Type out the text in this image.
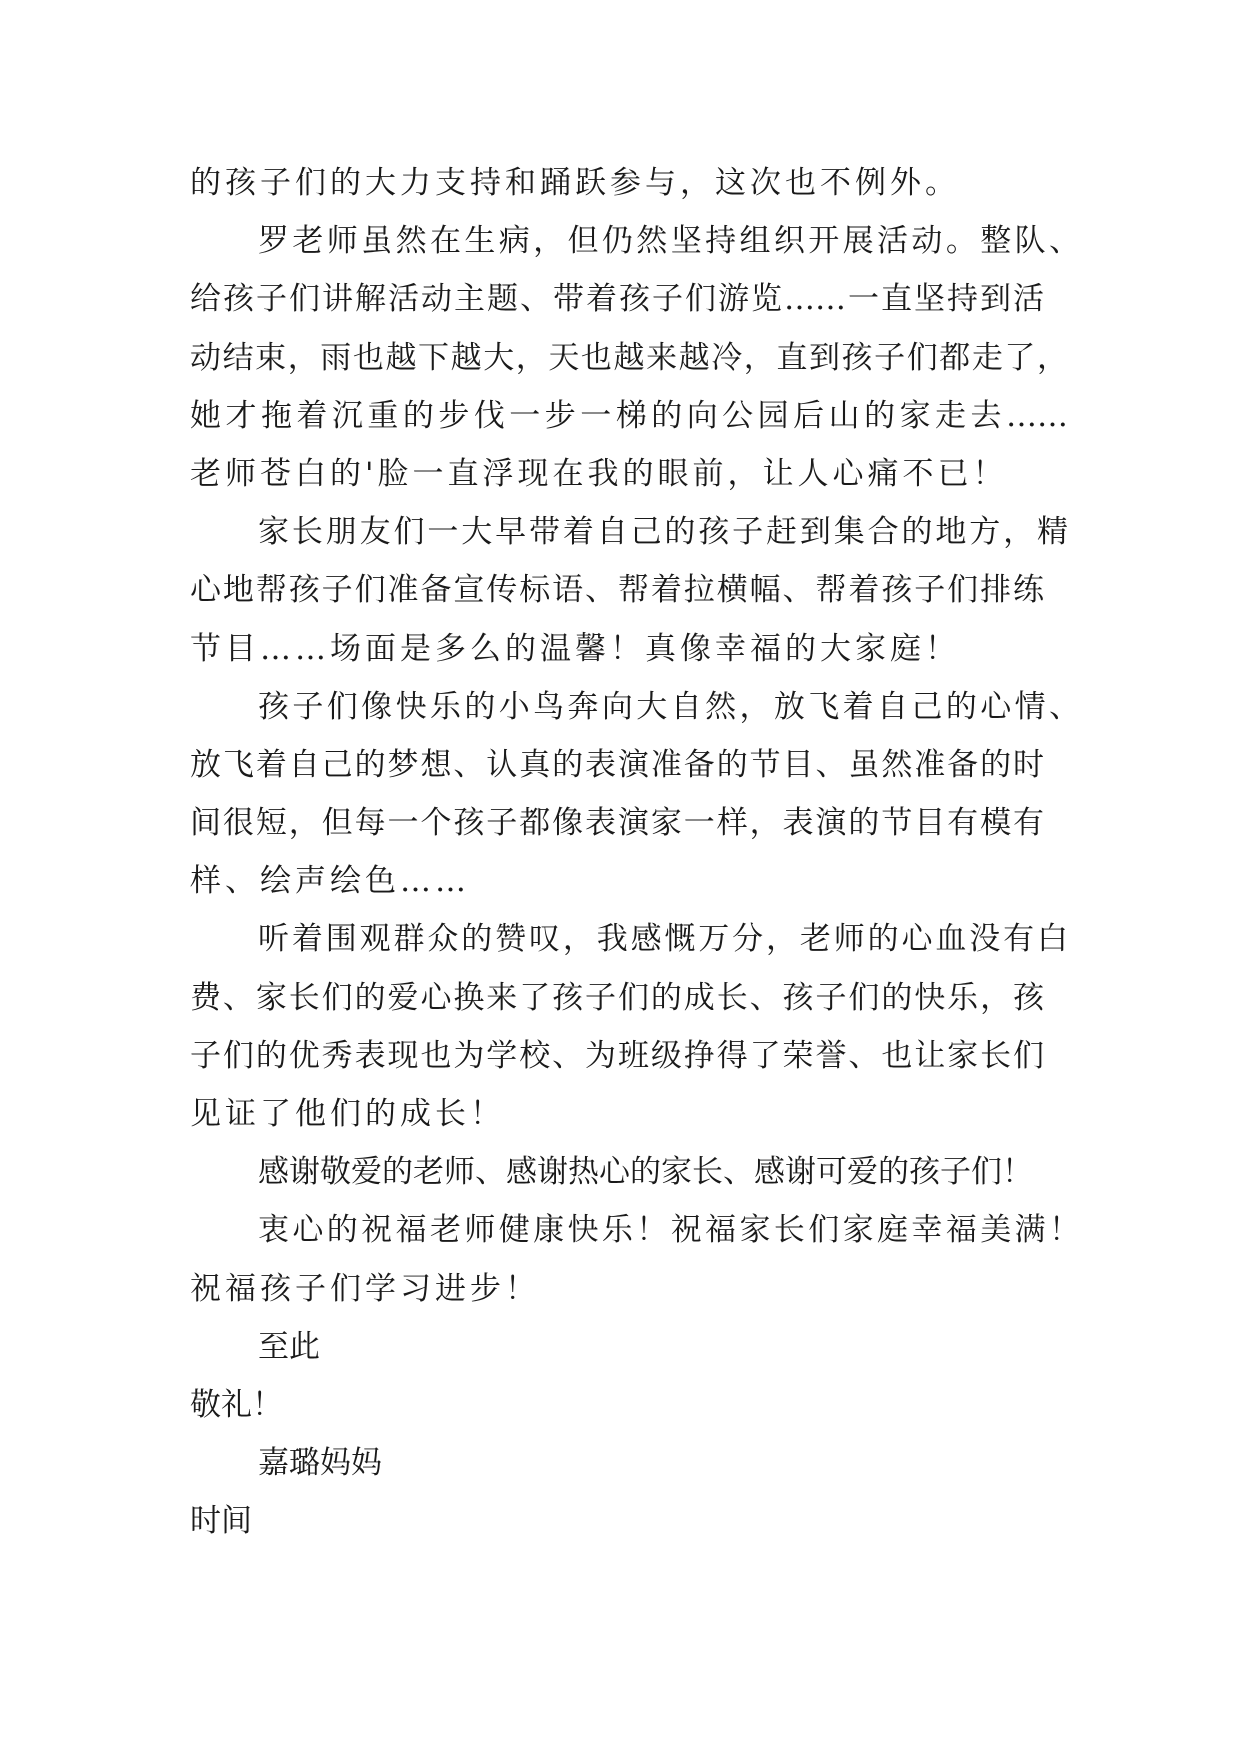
的孩子们的大力支持和踊跃参与，这次也不例外。
罗老师虽然在生病，但仍然坚持组织开展活动。整队、
给孩子们讲解活动主题、带着孩子们游览……一直坚持到活
动结束，雨也越下越大，天也越来越冷，直到孩子们都走了，
她才拖着沉重的步伐一步一梯的向公园后山的家走去……
老师苍白的'脸一直浮现在我的眼前，让人心痛不已！
家长朋友们一大早带着自己的孩子赶到集合的地方，精
心地帮孩子们准备宣传标语、帮着拉横幅、帮着孩子们排练
节目……场面是多么的温馨！真像幸福的大家庭！
孩子们像快乐的小鸟奔向大自然，放飞着自己的心情、
放飞着自己的梦想、认真的表演准备的节目、虽然准备的时
间很短，但每一个孩子都像表演家一样，表演的节目有模有
样、绘声绘色……
听着围观群众的赞叹，我感慨万分，老师的心血没有白
费、家长们的爱心换来了孩子们的成长、孩子们的快乐，孩
子们的优秀表现也为学校、为班级挣得了荣誉、也让家长们
见证了他们的成长！
感谢敬爱的老师、感谢热心的家长、感谢可爱的孩子们！
衷心的祝福老师健康快乐！祝福家长们家庭幸福美满！
祝福孩子们学习进步！
至此
敬礼！
嘉璐妈妈
时间
